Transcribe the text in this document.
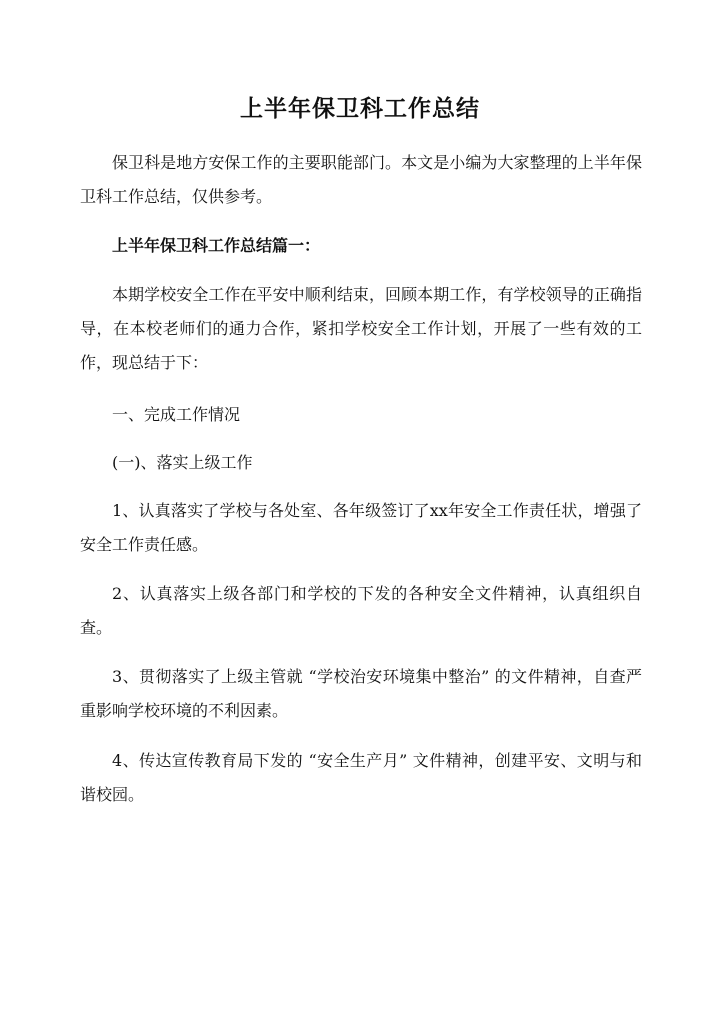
上半年保卫科工作总结

保卫科是地方安保工作的主要职能部门。本文是小编为大家整理的上半年保卫科工作总结，仅供参考。

上半年保卫科工作总结篇一：

本期学校安全工作在平安中顺利结束，回顾本期工作，有学校领导的正确指导，在本校老师们的通力合作，紧扣学校安全工作计划，开展了一些有效的工作，现总结于下：

一、完成工作情况

(一)、落实上级工作

1、认真落实了学校与各处室、各年级签订了xx年安全工作责任状，增强了安全工作责任感。

2、认真落实上级各部门和学校的下发的各种安全文件精神，认真组织自查。

3、贯彻落实了上级主管就 “学校治安环境集中整治” 的文件精神，自查严重影响学校环境的不利因素。

4、传达宣传教育局下发的 “安全生产月” 文件精神，创建平安、文明与和谐校园。
